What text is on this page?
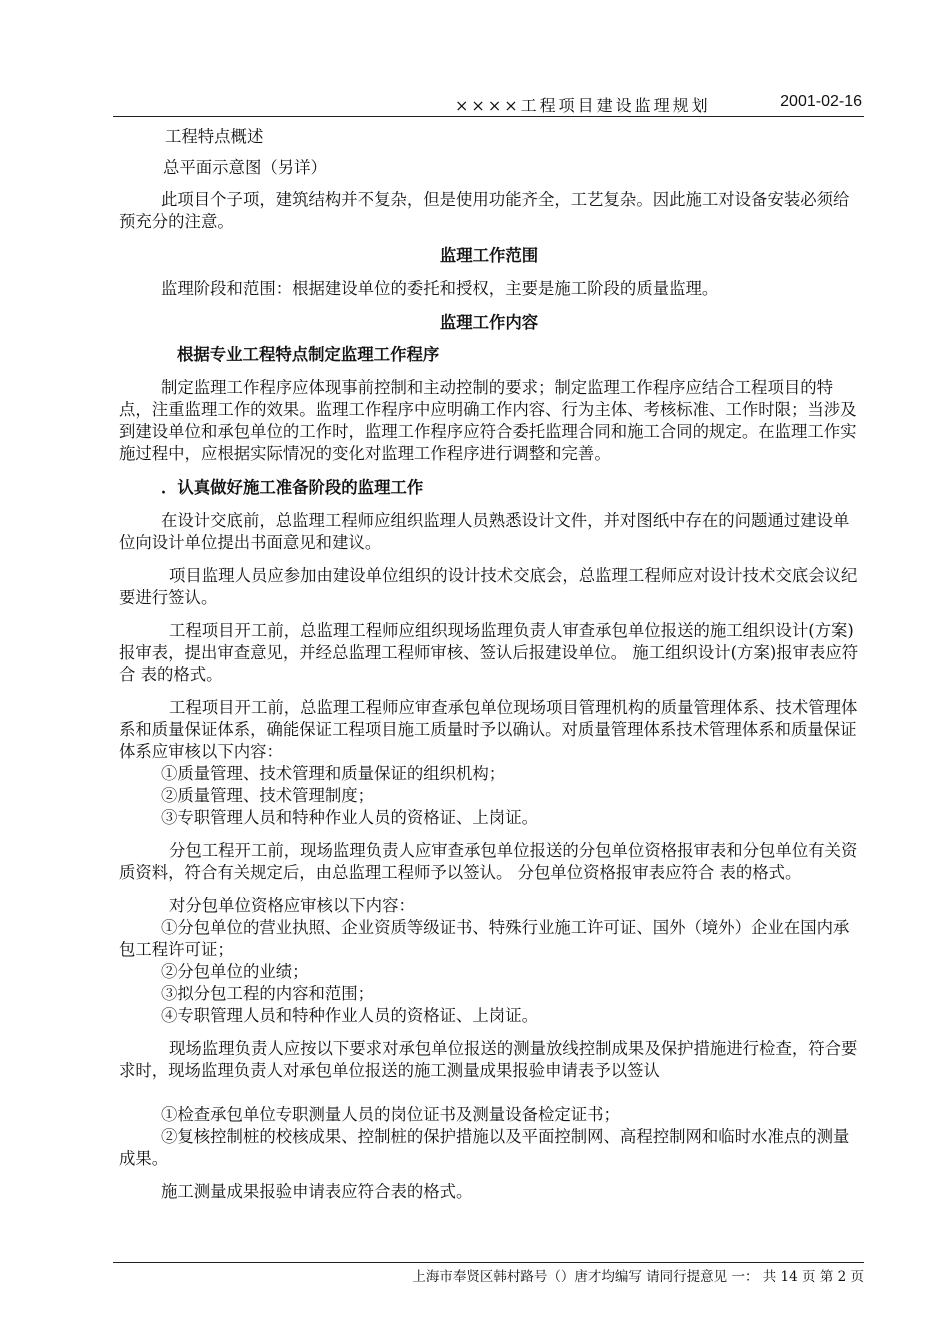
××××工程项目建设监理规划	2001-02-16

工程特点概述

总平面示意图（另详）

此项目个子项，建筑结构并不复杂，但是使用功能齐全，工艺复杂。因此施工对设备安装必须给预充分的注意。

监理工作范围

监理阶段和范围：根据建设单位的委托和授权，主要是施工阶段的质量监理。

监理工作内容

根据专业工程特点制定监理工作程序

制定监理工作程序应体现事前控制和主动控制的要求；制定监理工作程序应结合工程项目的特点，注重监理工作的效果。监理工作程序中应明确工作内容、行为主体、考核标准、工作时限；当涉及到建设单位和承包单位的工作时，监理工作程序应符合委托监理合同和施工合同的规定。在监理工作实施过程中，应根据实际情况的变化对监理工作程序进行调整和完善。

．认真做好施工准备阶段的监理工作

在设计交底前，总监理工程师应组织监理人员熟悉设计文件，并对图纸中存在的问题通过建设单位向设计单位提出书面意见和建议。

项目监理人员应参加由建设单位组织的设计技术交底会，总监理工程师应对设计技术交底会议纪要进行签认。

工程项目开工前，总监理工程师应组织现场监理负责人审查承包单位报送的施工组织设计(方案)报审表，提出审查意见，并经总监理工程师审核、签认后报建设单位。 施工组织设计(方案)报审表应符合 表的格式。

工程项目开工前，总监理工程师应审查承包单位现场项目管理机构的质量管理体系、技术管理体系和质量保证体系，确能保证工程项目施工质量时予以确认。对质量管理体系技术管理体系和质量保证体系应审核以下内容：

①质量管理、技术管理和质量保证的组织机构；

②质量管理、技术管理制度；

③专职管理人员和特种作业人员的资格证、上岗证。

分包工程开工前，现场监理负责人应审查承包单位报送的分包单位资格报审表和分包单位有关资质资料，符合有关规定后，由总监理工程师予以签认。 分包单位资格报审表应符合 表的格式。

对分包单位资格应审核以下内容：

①分包单位的营业执照、企业资质等级证书、特殊行业施工许可证、国外（境外）企业在国内承包工程许可证；

②分包单位的业绩；

③拟分包工程的内容和范围；

④专职管理人员和特种作业人员的资格证、上岗证。

现场监理负责人应按以下要求对承包单位报送的测量放线控制成果及保护措施进行检查，符合要求时，现场监理负责人对承包单位报送的施工测量成果报验申请表予以签认

①检查承包单位专职测量人员的岗位证书及测量设备检定证书；

②复核控制桩的校核成果、控制桩的保护措施以及平面控制网、高程控制网和临时水准点的测量成果。

施工测量成果报验申请表应符合表的格式。

上海市奉贤区韩村路号（）唐才均编写 请同行提意见 一： 共 14 页 第 2 页
